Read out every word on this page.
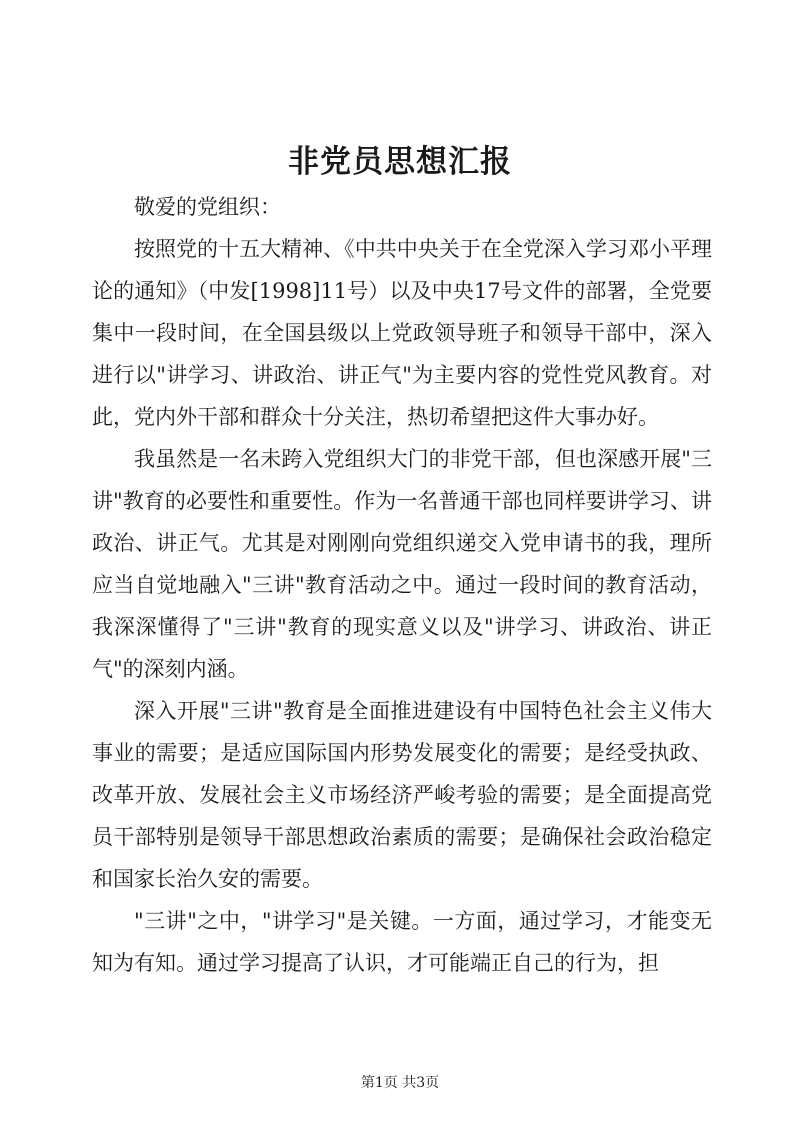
非党员思想汇报

敬爱的党组织：

按照党的十五大精神、《中共中央关于在全党深入学习邓小平理论的通知》（中发[1998]11号）以及中央17号文件的部署，全党要集中一段时间，在全国县级以上党政领导班子和领导干部中，深入进行以"讲学习、讲政治、讲正气"为主要内容的党性党风教育。对此，党内外干部和群众十分关注，热切希望把这件大事办好。

我虽然是一名未跨入党组织大门的非党干部，但也深感开展"三讲"教育的必要性和重要性。作为一名普通干部也同样要讲学习、讲政治、讲正气。尤其是对刚刚向党组织递交入党申请书的我，理所应当自觉地融入"三讲"教育活动之中。通过一段时间的教育活动，我深深懂得了"三讲"教育的现实意义以及"讲学习、讲政治、讲正气"的深刻内涵。

深入开展"三讲"教育是全面推进建设有中国特色社会主义伟大事业的需要；是适应国际国内形势发展变化的需要；是经受执政、改革开放、发展社会主义市场经济严峻考验的需要；是全面提高党员干部特别是领导干部思想政治素质的需要；是确保社会政治稳定和国家长治久安的需要。

"三讲"之中，"讲学习"是关键。一方面，通过学习，才能变无知为有知。通过学习提高了认识，才可能端正自己的行为，担

第1页 共3页
